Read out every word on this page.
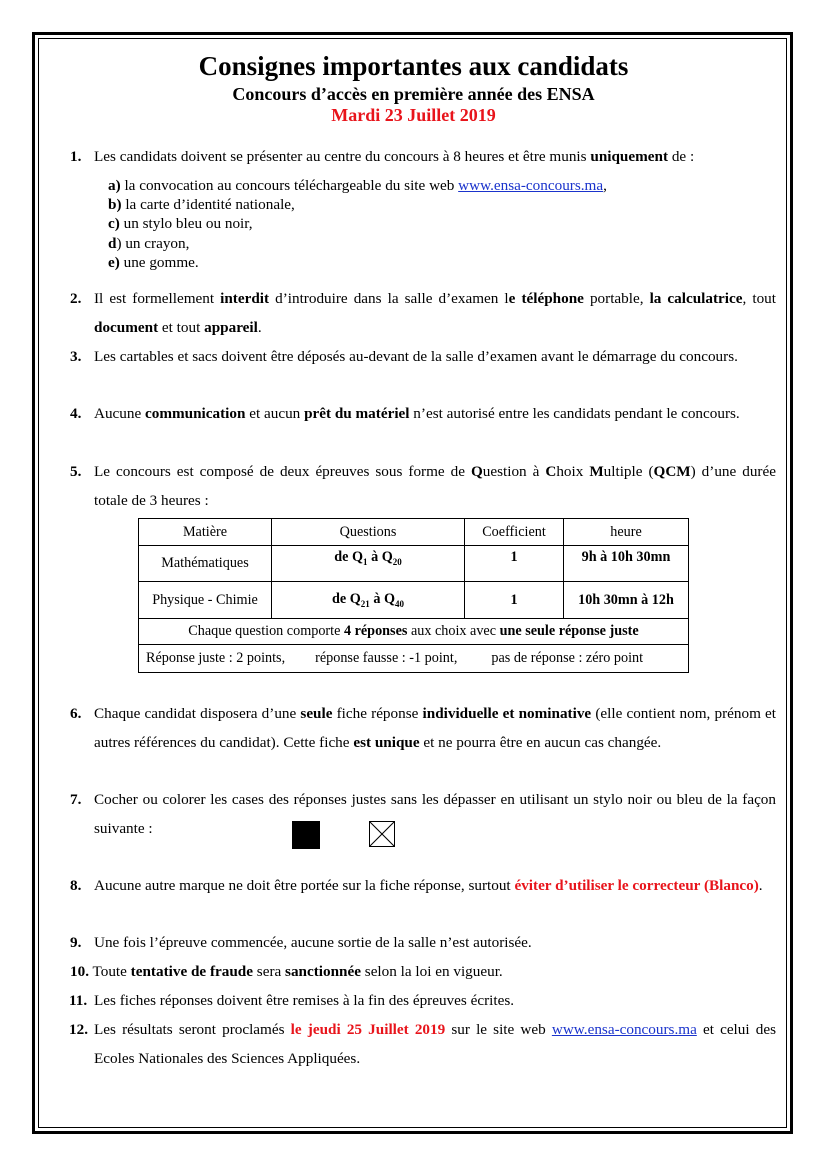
Consignes importantes aux candidats
Concours d’accès en première année des ENSA
Mardi 23 Juillet 2019
1. Les candidats doivent se présenter au centre du concours à 8 heures et être munis uniquement de :
a) la convocation au concours téléchargeable du site web www.ensa-concours.ma,
b) la carte d’identité nationale,
c) un stylo bleu ou noir,
d) un crayon,
e) une gomme.
2. Il est formellement interdit d’introduire dans la salle d’examen le téléphone portable, la calculatrice, tout document et tout appareil.
3. Les cartables et sacs doivent être déposés au-devant de la salle d’examen avant le démarrage du concours.
4. Aucune communication et aucun prêt du matériel n’est autorisé entre les candidats pendant le concours.
5. Le concours est composé de deux épreuves sous forme de Question à Choix Multiple (QCM) d’une durée totale de 3 heures :
Matière	Questions	Coefficient	heure
Mathématiques	de $Q_1$ à $Q_{20}$	1	9h à 10h 30mn
Physique - Chimie	de $Q_{21}$ à $Q_{40}$	1	10h 30mn à 12h
Chaque question comporte 4 réponses aux choix avec une seule réponse juste			
Réponse juste : 2 points, réponse fausse : -1 point, pas de réponse : zéro point			
6. Chaque candidat disposera d’une seule fiche réponse individuelle et nominative (elle contient nom, prénom et autres références du candidat). Cette fiche est unique et ne pourra être en aucun cas changée.
7. Cocher ou colorer les cases des réponses justes sans les dépasser en utilisant un stylo noir ou bleu de la façon suivante :
8. Aucune autre marque ne doit être portée sur la fiche réponse, surtout éviter d’utiliser le correcteur (Blanco).
9. Une fois l’épreuve commencée, aucune sortie de la salle n’est autorisée.
10. Toute tentative de fraude sera sanctionnée selon la loi en vigueur.
11. Les fiches réponses doivent être remises à la fin des épreuves écrites.
12. Les résultats seront proclamés le jeudi 25 Juillet 2019 sur le site web www.ensa-concours.ma et celui des Ecoles Nationales des Sciences Appliquées.
